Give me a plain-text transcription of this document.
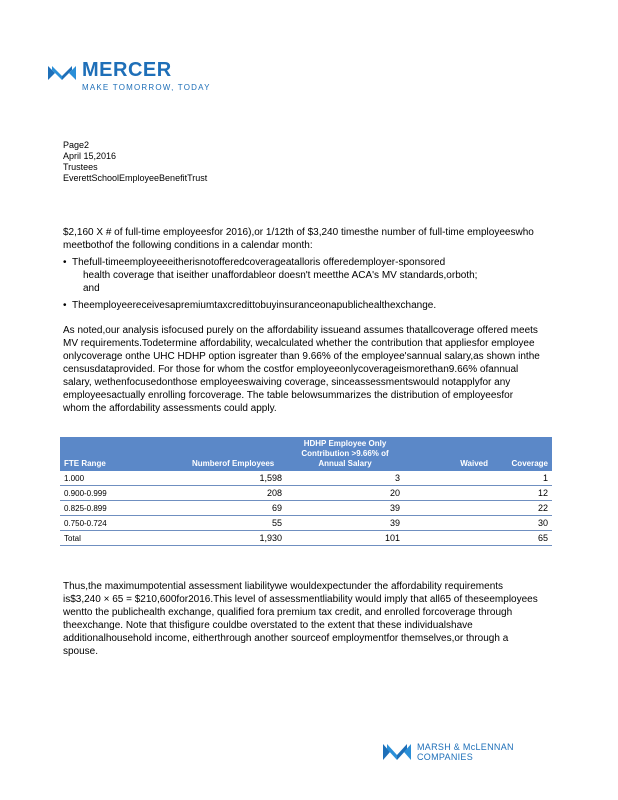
MERCER
MAKE TOMORROW, TODAY
Page2
April 15,2016
Trustees
EverettSchoolEmployeeBenefitTrust
$2,160 X # of full-time employeesfor 2016),or 1/12th of $3,240 timesthe number of full-time employeeswho meetbothof the following conditions in a calendar month:
• Thefull-timeemployeeeitherisnotofferedcoverageatalloris offeredemployer-sponsored
health coverage that iseither unaffordableor doesn't meetthe ACA's MV standards,orboth;
and
• Theemployeereceivesapremiumtaxcredittobuyinsuranceonapublichealthexchange.
As noted,our analysis isfocused purely on the affordability issueand assumes thatallcoverage offered meets MV requirements.Todetermine affordability, wecalculated whether the contribution that appliesfor employee onlycoverage onthe UHC HDHP option isgreater than 9.66% of the employee'sannual salary,as shown inthe censusdataprovided. For those for whom the costfor employeeonlycoverageismorethan9.66% ofannual salary, wethenfocusedonthose employeeswaiving coverage, sinceassessmentswould notapplyfor any employeesactually enrolling forcoverage. The table belowsummarizes the distribution of employeesfor whom the affordability assessments could apply.
FTE Range	Numberof Employees	HDHP Employee Only Contribution >9.66% of Annual Salary	Waived	Coverage
1.000	1,598	3		1
0.900-0.999	208	20		12
0.825-0.899	69	39		22
0.750-0.724	55	39		30
Total	1,930	101		65
Thus,the maximumpotential assessment liabilitywe wouldexpectunder the affordability requirements is$3,240 × 65 = $210,600for2016.This level of assessmentliability would imply that all65 of theseemployees wentto the publichealth exchange, qualified fora premium tax credit, and enrolled forcoverage through theexchange. Note that thisfigure couldbe overstated to the extent that these individualshave additionalhousehold income, eitherthrough another sourceof employmentfor themselves,or through a spouse.
MARSH & McLENNAN
COMPANIES
